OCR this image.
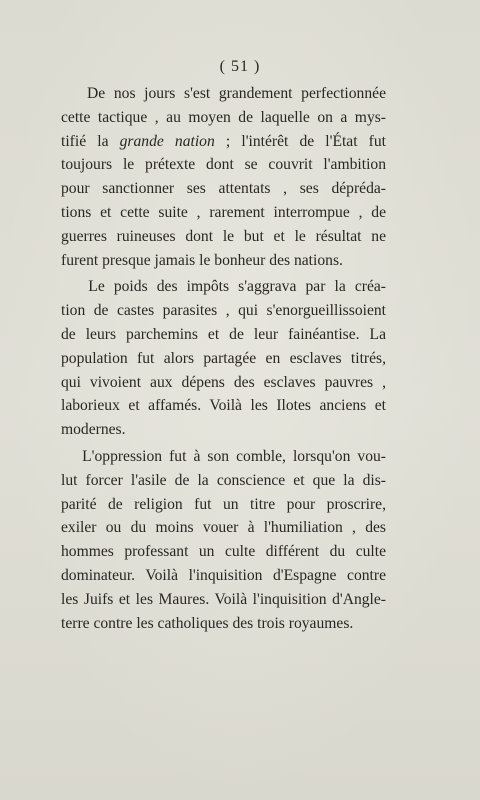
( 51 )
De nos jours s'est grandement perfectionnée
cette tactique , au moyen de laquelle on a mys-
tifié la grande nation ; l'intérêt de l'État fut
toujours le prétexte dont se couvrit l'ambition
pour sanctionner ses attentats , ses dépréda-
tions et cette suite , rarement interrompue , de
guerres ruineuses dont le but et le résultat ne
furent presque jamais le bonheur des nations.
Le poids des impôts s'aggrava par la créa-
tion de castes parasites , qui s'enorgueillissoient
de leurs parchemins et de leur fainéantise. La
population fut alors partagée en esclaves titrés,
qui vivoient aux dépens des esclaves pauvres ,
laborieux et affamés. Voilà les Ilotes anciens et
modernes.
L'oppression fut à son comble, lorsqu'on vou-
lut forcer l'asile de la conscience et que la dis-
parité de religion fut un titre pour proscrire,
exiler ou du moins vouer à l'humiliation , des
hommes professant un culte différent du culte
dominateur. Voilà l'inquisition d'Espagne contre
les Juifs et les Maures. Voilà l'inquisition d'Angle-
terre contre les catholiques des trois royaumes.
